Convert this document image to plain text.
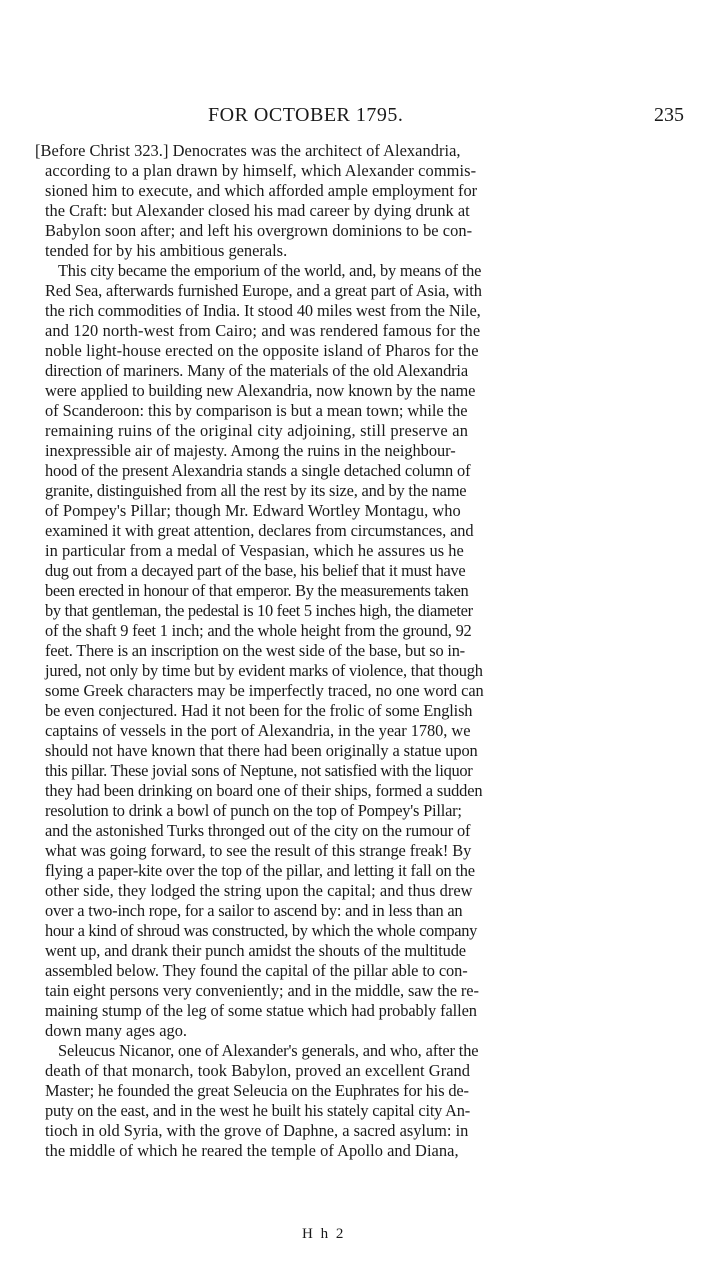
FOR OCTOBER 1795.	235
[Before Christ 323.] Denocrates was the architect of Alexandria,
according to a plan drawn by himself, which Alexander commis-
sioned him to execute, and which afforded ample employment for
the Craft: but Alexander closed his mad career by dying drunk at
Babylon soon after; and left his overgrown dominions to be con-
tended for by his ambitious generals.
This city became the emporium of the world, and, by means of the
Red Sea, afterwards furnished Europe, and a great part of Asia, with
the rich commodities of India. It stood 40 miles west from the Nile,
and 120 north-west from Cairo; and was rendered famous for the
noble light-house erected on the opposite island of Pharos for the
direction of mariners. Many of the materials of the old Alexandria
were applied to building new Alexandria, now known by the name
of Scanderoon: this by comparison is but a mean town; while the
remaining ruins of the original city adjoining, still preserve an
inexpressible air of majesty. Among the ruins in the neighbour-
hood of the present Alexandria stands a single detached column of
granite, distinguished from all the rest by its size, and by the name
of Pompey's Pillar; though Mr. Edward Wortley Montagu, who
examined it with great attention, declares from circumstances, and
in particular from a medal of Vespasian, which he assures us he
dug out from a decayed part of the base, his belief that it must have
been erected in honour of that emperor. By the measurements taken
by that gentleman, the pedestal is 10 feet 5 inches high, the diameter
of the shaft 9 feet 1 inch; and the whole height from the ground, 92
feet. There is an inscription on the west side of the base, but so in-
jured, not only by time but by evident marks of violence, that though
some Greek characters may be imperfectly traced, no one word can
be even conjectured. Had it not been for the frolic of some English
captains of vessels in the port of Alexandria, in the year 1780, we
should not have known that there had been originally a statue upon
this pillar. These jovial sons of Neptune, not satisfied with the liquor
they had been drinking on board one of their ships, formed a sudden
resolution to drink a bowl of punch on the top of Pompey's Pillar;
and the astonished Turks thronged out of the city on the rumour of
what was going forward, to see the result of this strange freak! By
flying a paper-kite over the top of the pillar, and letting it fall on the
other side, they lodged the string upon the capital; and thus drew
over a two-inch rope, for a sailor to ascend by: and in less than an
hour a kind of shroud was constructed, by which the whole company
went up, and drank their punch amidst the shouts of the multitude
assembled below. They found the capital of the pillar able to con-
tain eight persons very conveniently; and in the middle, saw the re-
maining stump of the leg of some statue which had probably fallen
down many ages ago.
Seleucus Nicanor, one of Alexander's generals, and who, after the
death of that monarch, took Babylon, proved an excellent Grand
Master; he founded the great Seleucia on the Euphrates for his de-
puty on the east, and in the west he built his stately capital city An-
tioch in old Syria, with the grove of Daphne, a sacred asylum: in
the middle of which he reared the temple of Apollo and Diana,
H h 2
